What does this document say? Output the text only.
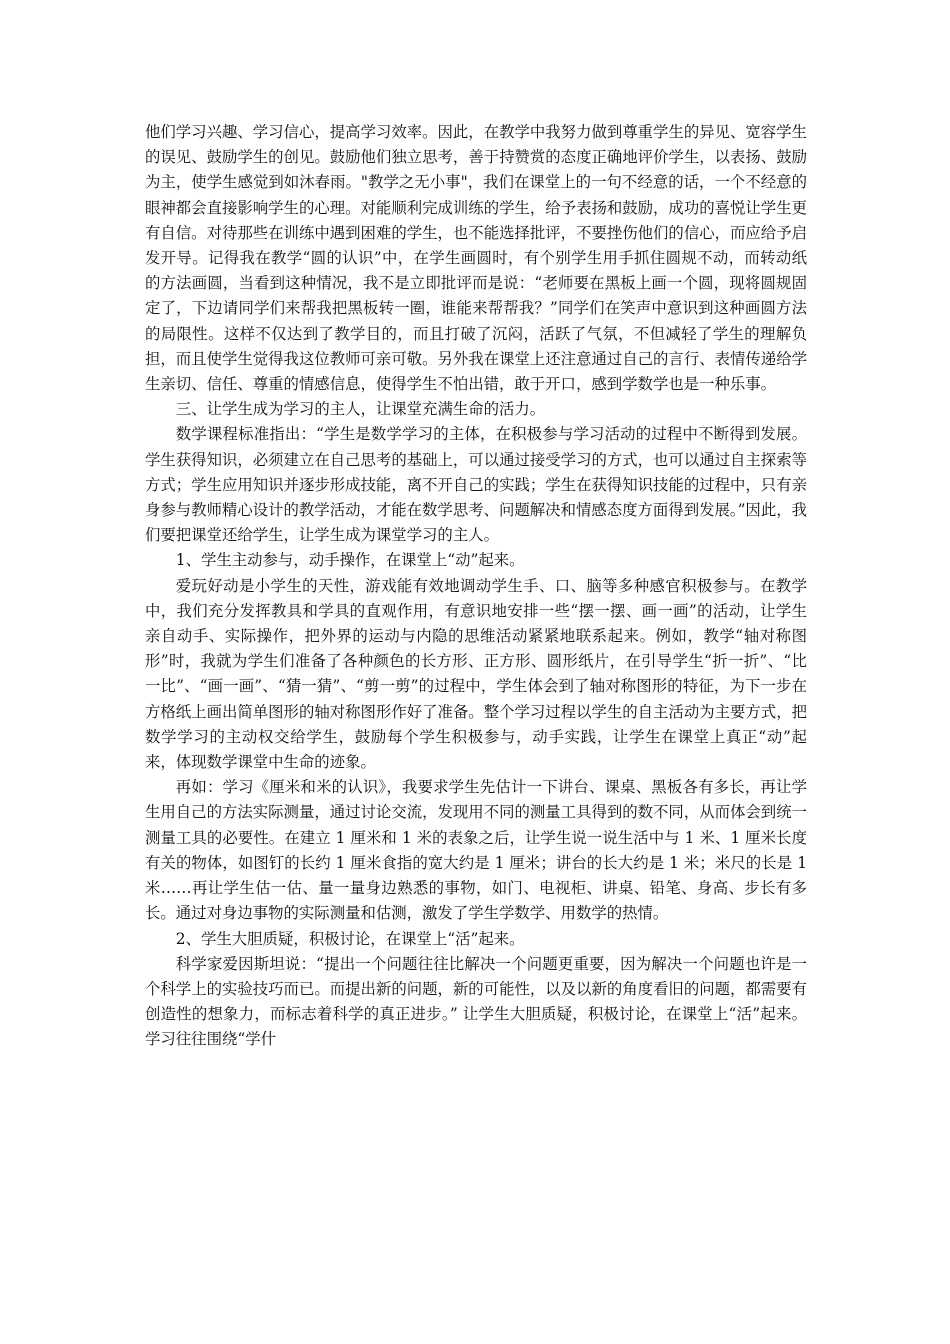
他们学习兴趣、学习信心，提高学习效率。因此，在教学中我努力做到尊重学生的异见、宽容学生的误见、鼓励学生的创见。鼓励他们独立思考，善于持赞赏的态度正确地评价学生，以表扬、鼓励为主，使学生感觉到如沐春雨。"教学之无小事"，我们在课堂上的一句不经意的话，一个不经意的眼神都会直接影响学生的心理。对能顺利完成训练的学生，给予表扬和鼓励，成功的喜悦让学生更有自信。对待那些在训练中遇到困难的学生，也不能选择批评，不要挫伤他们的信心，而应给予启发开导。记得我在教学“圆的认识”中，在学生画圆时，有个别学生用手抓住圆规不动，而转动纸的方法画圆，当看到这种情况，我不是立即批评而是说：“老师要在黑板上画一个圆，现将圆规固定了，下边请同学们来帮我把黑板转一圈，谁能来帮帮我？”同学们在笑声中意识到这种画圆方法的局限性。这样不仅达到了教学目的，而且打破了沉闷，活跃了气氛，不但减轻了学生的理解负担，而且使学生觉得我这位教师可亲可敬。另外我在课堂上还注意通过自己的言行、表情传递给学生亲切、信任、尊重的情感信息，使得学生不怕出错，敢于开口，感到学数学也是一种乐事。

三、让学生成为学习的主人，让课堂充满生命的活力。

数学课程标准指出：“学生是数学学习的主体，在积极参与学习活动的过程中不断得到发展。学生获得知识，必须建立在自己思考的基础上，可以通过接受学习的方式，也可以通过自主探索等方式；学生应用知识并逐步形成技能，离不开自己的实践；学生在获得知识技能的过程中，只有亲身参与教师精心设计的教学活动，才能在数学思考、问题解决和情感态度方面得到发展。”因此，我们要把课堂还给学生，让学生成为课堂学习的主人。

1、学生主动参与，动手操作，在课堂上“动”起来。

爱玩好动是小学生的天性，游戏能有效地调动学生手、口、脑等多种感官积极参与。在教学中，我们充分发挥教具和学具的直观作用，有意识地安排一些“摆一摆、画一画”的活动，让学生亲自动手、实际操作，把外界的运动与内隐的思维活动紧紧地联系起来。例如，教学“轴对称图形”时，我就为学生们准备了各种颜色的长方形、正方形、圆形纸片，在引导学生“折一折”、“比一比”、“画一画”、“猜一猜”、“剪一剪”的过程中，学生体会到了轴对称图形的特征，为下一步在方格纸上画出简单图形的轴对称图形作好了准备。整个学习过程以学生的自主活动为主要方式，把数学学习的主动权交给学生，鼓励每个学生积极参与，动手实践，让学生在课堂上真正“动”起来，体现数学课堂中生命的迹象。

再如：学习《厘米和米的认识》，我要求学生先估计一下讲台、课桌、黑板各有多长，再让学生用自己的方法实际测量，通过讨论交流，发现用不同的测量工具得到的数不同，从而体会到统一测量工具的必要性。在建立 1 厘米和 1 米的表象之后，让学生说一说生活中与 1 米、1 厘米长度有关的物体，如图钉的长约 1 厘米食指的宽大约是 1 厘米；讲台的长大约是 1 米；米尺的长是 1 米……再让学生估一估、量一量身边熟悉的事物，如门、电视柜、讲桌、铅笔、身高、步长有多长。通过对身边事物的实际测量和估测，激发了学生学数学、用数学的热情。

2、学生大胆质疑，积极讨论，在课堂上“活”起来。

科学家爱因斯坦说：“提出一个问题往往比解决一个问题更重要，因为解决一个问题也许是一个科学上的实验技巧而已。而提出新的问题，新的可能性，以及以新的角度看旧的问题，都需要有创造性的想象力，而标志着科学的真正进步。” 让学生大胆质疑，积极讨论，在课堂上“活”起来。学习往往围绕“学什
